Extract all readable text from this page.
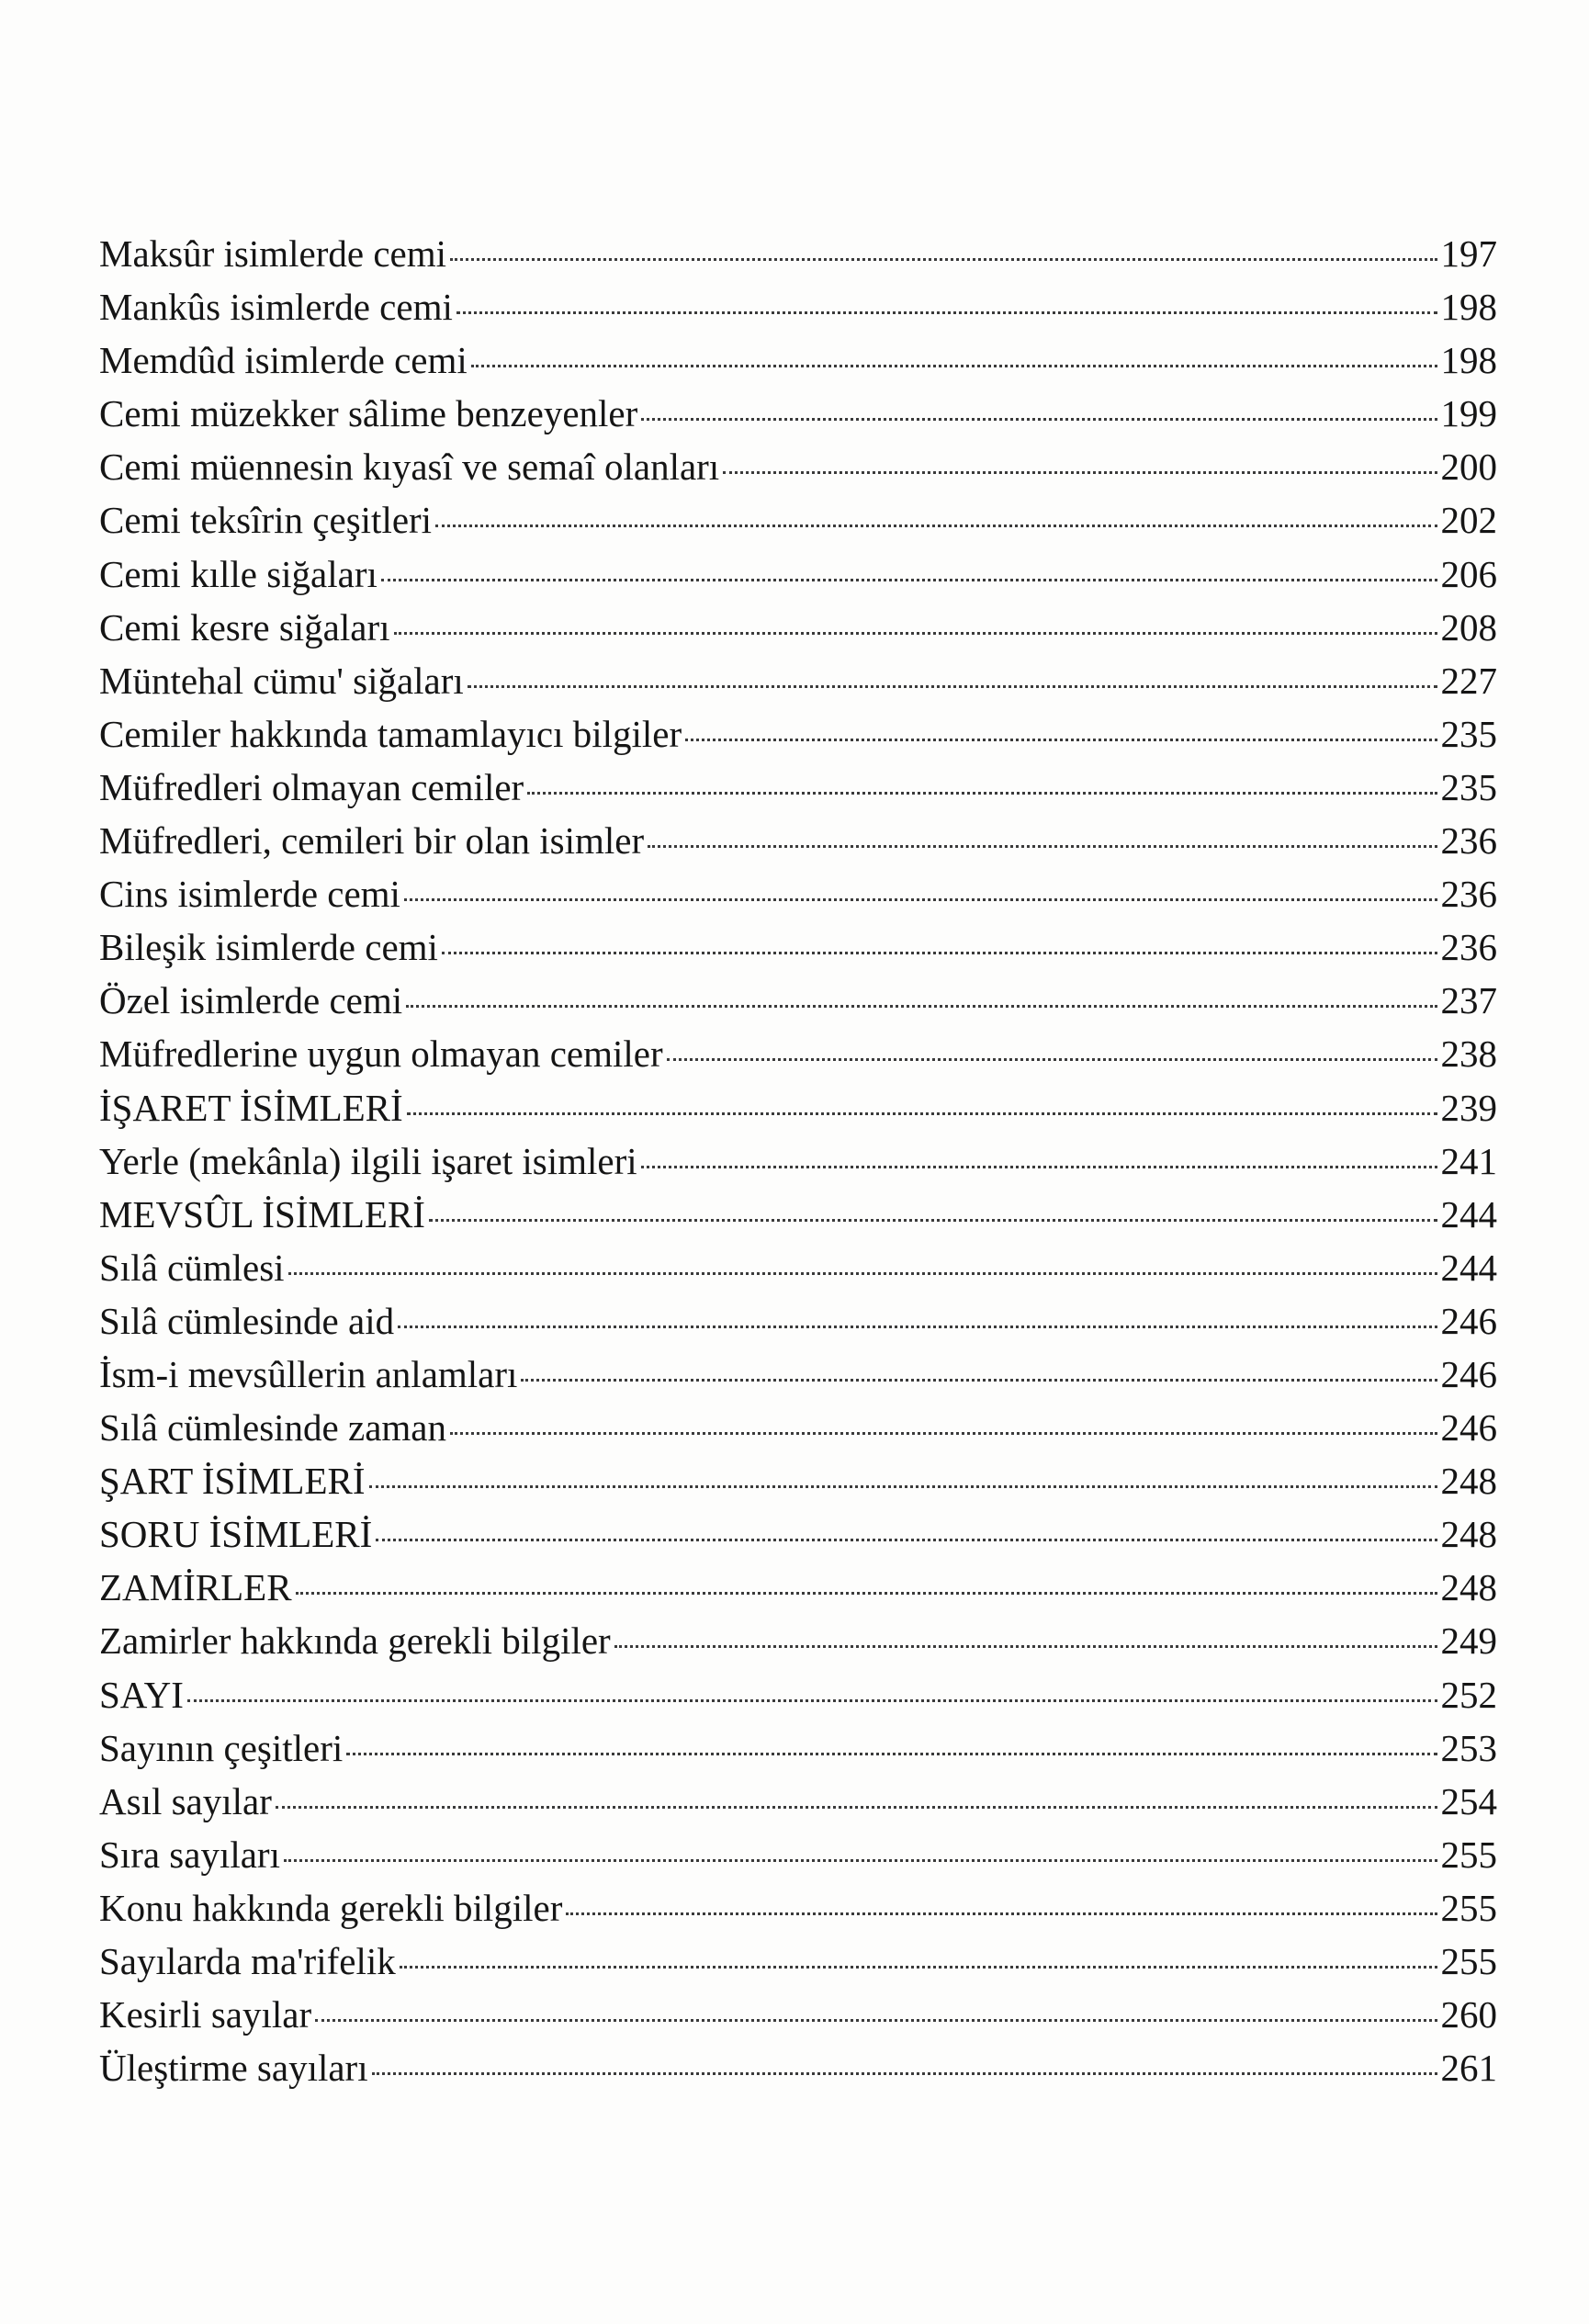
Maksûr isimlerde cemi	197
Mankûs isimlerde cemi	198
Memdûd isimlerde cemi	198
Cemi müzekker sâlime benzeyenler	199
Cemi müennesin kıyasî ve semaî olanları	200
Cemi teksîrin çeşitleri	202
Cemi kılle siğaları	206
Cemi kesre siğaları	208
Müntehal cümu' siğaları	227
Cemiler hakkında tamamlayıcı bilgiler	235
Müfredleri olmayan cemiler	235
Müfredleri, cemileri bir olan isimler	236
Cins isimlerde cemi	236
Bileşik isimlerde cemi	236
Özel isimlerde cemi	237
Müfredlerine uygun olmayan cemiler	238
İŞARET İSİMLERİ	239
Yerle (mekânla) ilgili işaret isimleri	241
MEVSÛL İSİMLERİ	244
Sılâ cümlesi	244
Sılâ cümlesinde aid	246
İsm-i mevsûllerin anlamları	246
Sılâ cümlesinde zaman	246
ŞART İSİMLERİ	248
SORU İSİMLERİ	248
ZAMİRLER	248
Zamirler hakkında gerekli bilgiler	249
SAYI	252
Sayının çeşitleri	253
Asıl sayılar	254
Sıra sayıları	255
Konu hakkında gerekli bilgiler	255
Sayılarda ma'rifelik	255
Kesirli sayılar	260
Üleştirme sayıları	261
